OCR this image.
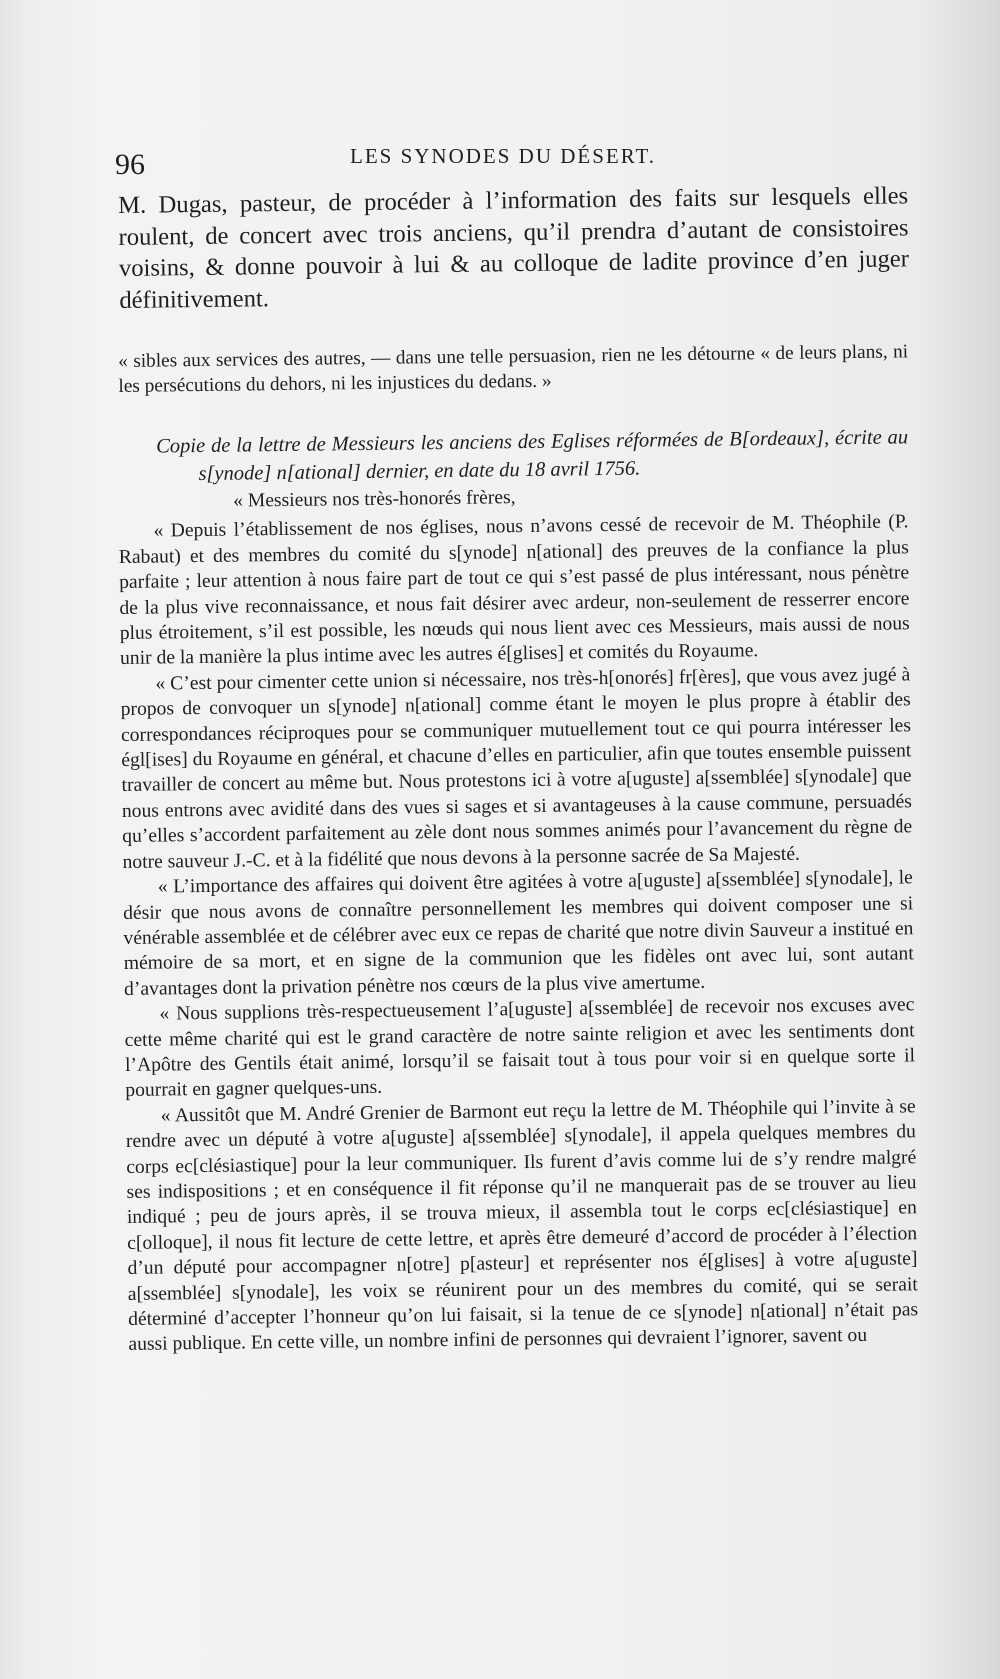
96	LES SYNODES DU DÉSERT.

M. Dugas, pasteur, de procéder à l’information des faits sur lesquels elles roulent, de concert avec trois anciens, qu’il prendra d’autant de consistoires voisins, & donne pouvoir à lui & au colloque de ladite province d’en juger définitivement.

« sibles aux services des autres, — dans une telle persuasion, rien ne les détourne « de leurs plans, ni les persécutions du dehors, ni les injustices du dedans. »

Copie de la lettre de Messieurs les anciens des Eglises réformées de B[ordeaux], écrite au s[ynode] n[ational] dernier, en date du 18 avril 1756.

« Messieurs nos très-honorés frères,

« Depuis l’établissement de nos églises, nous n’avons cessé de recevoir de M. Théophile (P. Rabaut) et des membres du comité du s[ynode] n[ational] des preuves de la confiance la plus parfaite ; leur attention à nous faire part de tout ce qui s’est passé de plus intéressant, nous pénètre de la plus vive reconnaissance, et nous fait désirer avec ardeur, non-seulement de resserrer encore plus étroitement, s’il est possible, les nœuds qui nous lient avec ces Messieurs, mais aussi de nous unir de la manière la plus intime avec les autres é[glises] et comités du Royaume.

« C’est pour cimenter cette union si nécessaire, nos très-h[onorés] fr[ères], que vous avez jugé à propos de convoquer un s[ynode] n[ational] comme étant le moyen le plus propre à établir des correspondances réciproques pour se communiquer mutuellement tout ce qui pourra intéresser les égl[ises] du Royaume en général, et chacune d’elles en particulier, afin que toutes ensemble puissent travailler de concert au même but. Nous protestons ici à votre a[uguste] a[ssemblée] s[ynodale] que nous entrons avec avidité dans des vues si sages et si avantageuses à la cause commune, persuadés qu’elles s’accordent parfaitement au zèle dont nous sommes animés pour l’avancement du règne de notre sauveur J.-C. et à la fidélité que nous devons à la personne sacrée de Sa Majesté.

« L’importance des affaires qui doivent être agitées à votre a[uguste] a[ssemblée] s[ynodale], le désir que nous avons de connaître personnellement les membres qui doivent composer une si vénérable assemblée et de célébrer avec eux ce repas de charité que notre divin Sauveur a institué en mémoire de sa mort, et en signe de la communion que les fidèles ont avec lui, sont autant d’avantages dont la privation pénètre nos cœurs de la plus vive amertume.

« Nous supplions très-respectueusement l’a[uguste] a[ssemblée] de recevoir nos excuses avec cette même charité qui est le grand caractère de notre sainte religion et avec les sentiments dont l’Apôtre des Gentils était animé, lorsqu’il se faisait tout à tous pour voir si en quelque sorte il pourrait en gagner quelques-uns.

« Aussitôt que M. André Grenier de Barmont eut reçu la lettre de M. Théophile qui l’invite à se rendre avec un député à votre a[uguste] a[ssemblée] s[ynodale], il appela quelques membres du corps ec[clésiastique] pour la leur communiquer. Ils furent d’avis comme lui de s’y rendre malgré ses indispositions ; et en conséquence il fit réponse qu’il ne manquerait pas de se trouver au lieu indiqué ; peu de jours après, il se trouva mieux, il assembla tout le corps ec[clésiastique] en c[olloque], il nous fit lecture de cette lettre, et après être demeuré d’accord de procéder à l’élection d’un député pour accompagner n[otre] p[asteur] et représenter nos é[glises] à votre a[uguste] a[ssemblée] s[ynodale], les voix se réunirent pour un des membres du comité, qui se serait déterminé d’accepter l’honneur qu’on lui faisait, si la tenue de ce s[ynode] n[ational] n’était pas aussi publique. En cette ville, un nombre infini de personnes qui devraient l’ignorer, savent ou
